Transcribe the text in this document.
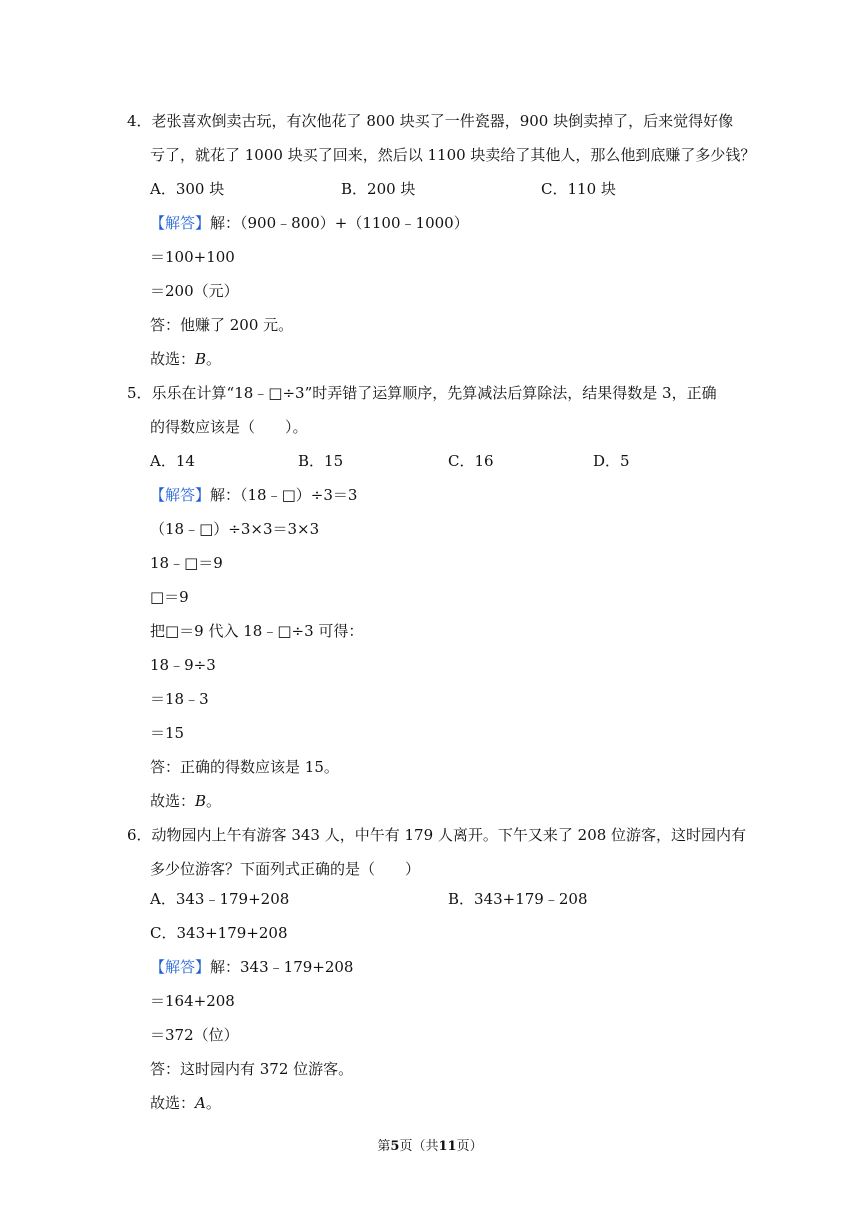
4．老张喜欢倒卖古玩，有次他花了 800 块买了一件瓷器，900 块倒卖掉了，后来觉得好像
亏了，就花了 1000 块买了回来，然后以 1100 块卖给了其他人，那么他到底赚了多少钱？
A．300 块	B．200 块	C．110 块
【解答】解：（900﹣800）+（1100﹣1000）
＝100+100
＝200（元）
答：他赚了 200 元。
故选：B。
5．乐乐在计算“18﹣□÷3”时弄错了运算顺序，先算减法后算除法，结果得数是 3，正确
的得数应该是（　　）。
A．14	B．15	C．16	D．5
【解答】解：（18﹣□）÷3＝3
（18﹣□）÷3×3＝3×3
18﹣□＝9
□＝9
把□＝9 代入 18﹣□÷3 可得：
18﹣9÷3
＝18﹣3
＝15
答：正确的得数应该是 15。
故选：B。
6．动物园内上午有游客 343 人，中午有 179 人离开。下午又来了 208 位游客，这时园内有
多少位游客？下面列式正确的是（　　）
A．343﹣179+208	B．343+179﹣208
C．343+179+208
【解答】解：343﹣179+208
＝164+208
＝372（位）
答：这时园内有 372 位游客。
故选：A。
第5页（共11页）
